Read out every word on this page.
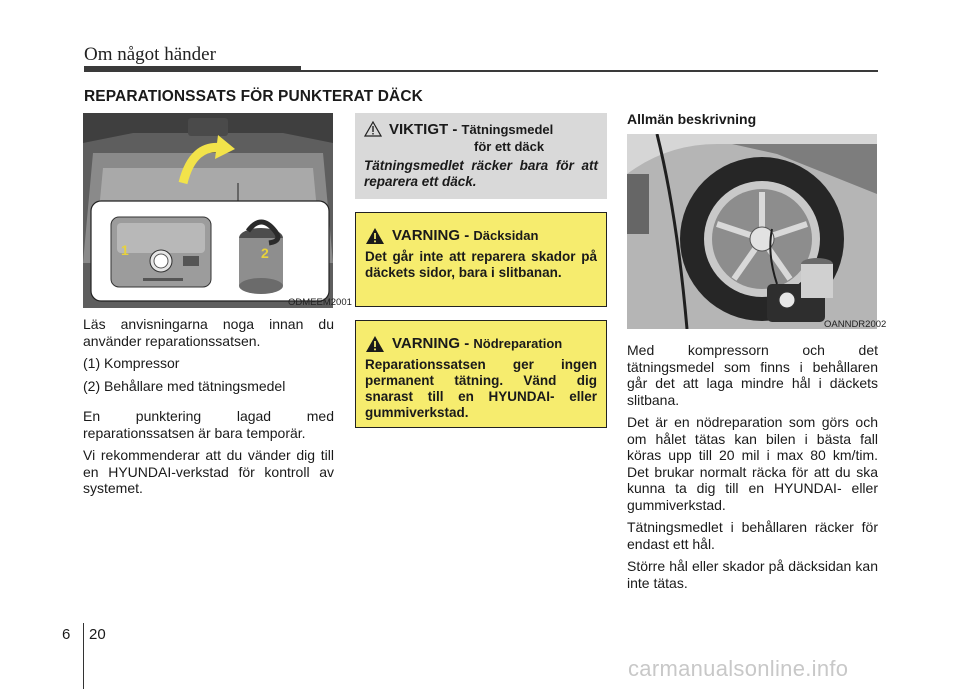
Om något händer
REPARATIONSSATS FÖR PUNKTERAT DÄCK
1	2
ODMEEM2001

Läs anvisningarna noga innan du använder reparationssatsen.

(1) Kompressor

(2) Behållare med tätningsmedel

En punktering lagad med reparationssatsen är bara temporär.

Vi rekommenderar att du vänder dig till en HYUNDAI-verkstad för kontroll av systemet.

VIKTIGT - Tätningsmedel
för ett däck
Tätningsmedlet räcker bara för att reparera ett däck.
VARNING - Däcksidan
Det går inte att reparera skador på däckets sidor, bara i slitbanan.
VARNING - Nödreparation
Reparationssatsen ger ingen permanent tätning. Vänd dig snarast till en HYUNDAI- eller gummiverkstad.
Allmän beskrivning
OANNDR2002

Med kompressorn och det tätningsmedel som finns i behållaren går det att laga mindre hål i däckets slitbana.

Det är en nödreparation som görs och om hålet tätas kan bilen i bästa fall köras upp till 20 mil i max 80 km/tim. Det brukar normalt räcka för att du ska kunna ta dig till en HYUNDAI- eller gummiverkstad.

Tätningsmedlet i behållaren räcker för endast ett hål.

Större hål eller skador på däcksidan kan inte tätas.

6 20
carmanualsonline.info
